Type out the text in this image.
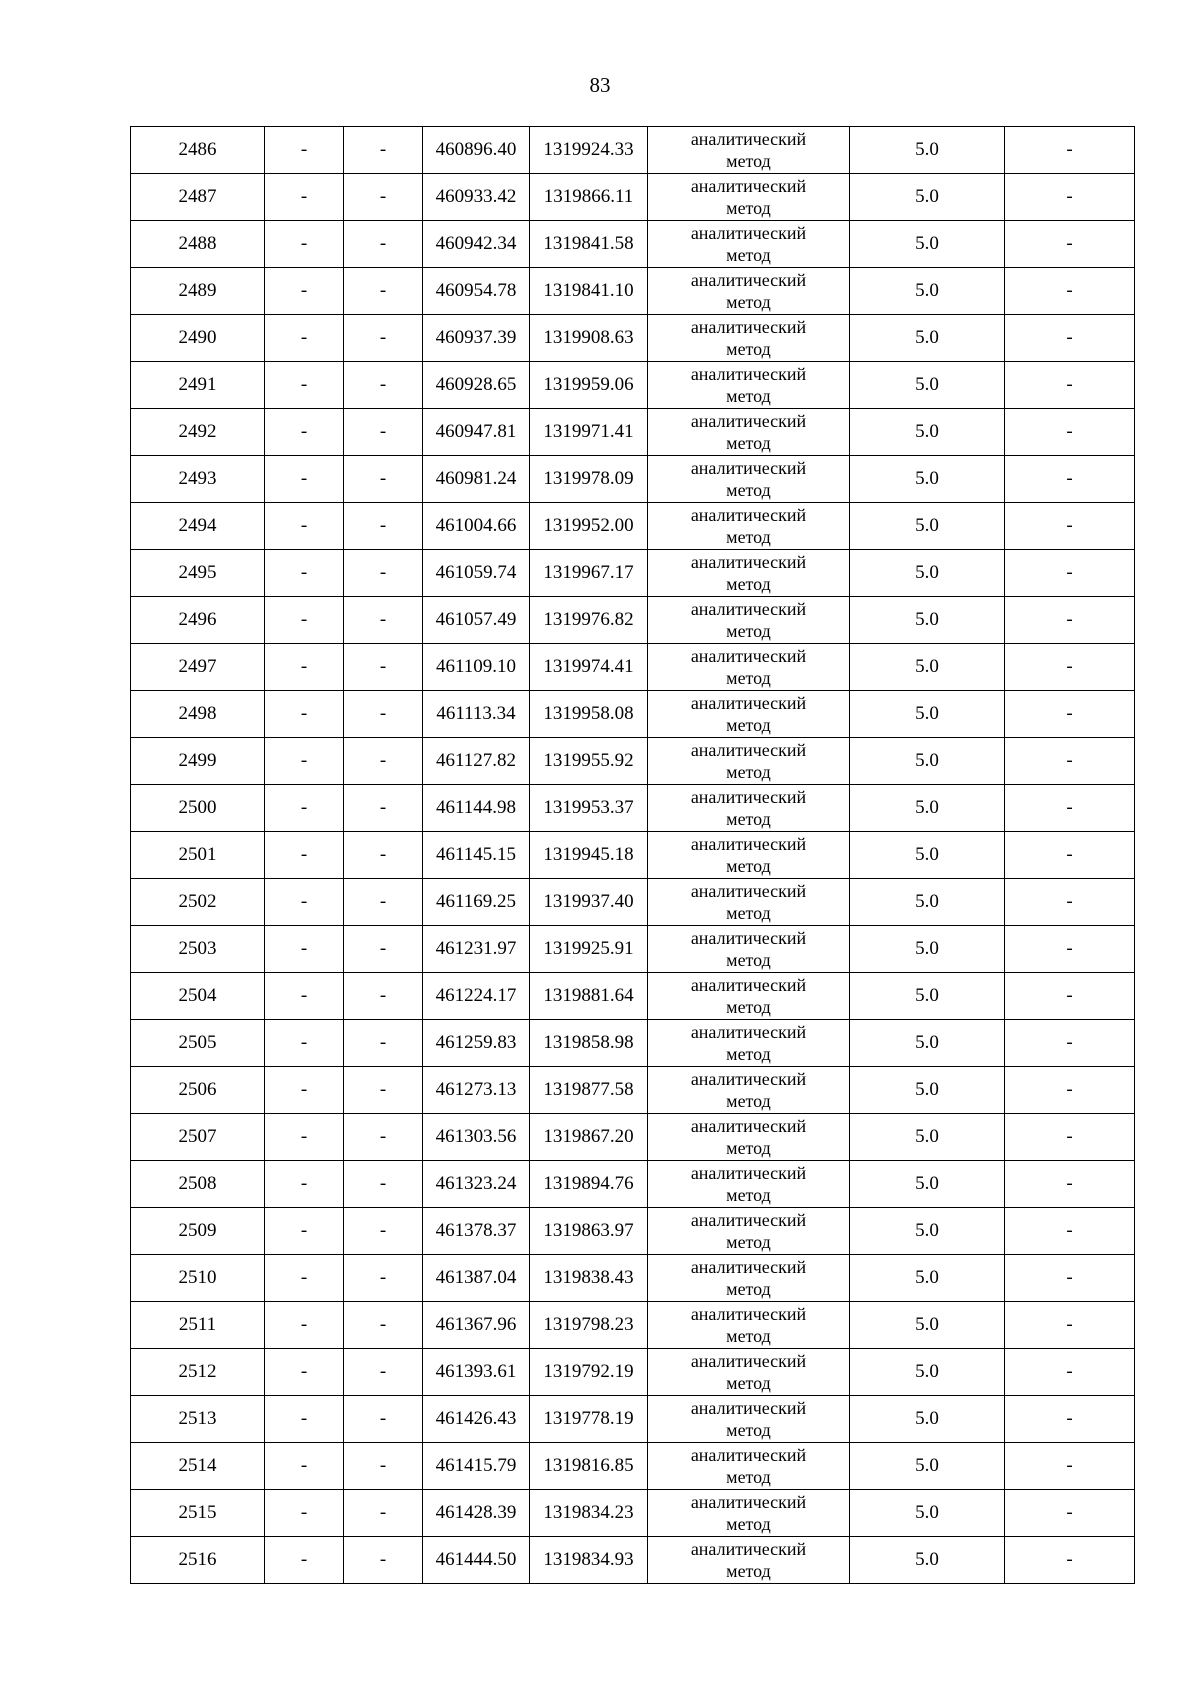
83
2486	-	-	460896.40	1319924.33	аналитический
метод	5.0	-
2487	-	-	460933.42	1319866.11	аналитический
метод	5.0	-
2488	-	-	460942.34	1319841.58	аналитический
метод	5.0	-
2489	-	-	460954.78	1319841.10	аналитический
метод	5.0	-
2490	-	-	460937.39	1319908.63	аналитический
метод	5.0	-
2491	-	-	460928.65	1319959.06	аналитический
метод	5.0	-
2492	-	-	460947.81	1319971.41	аналитический
метод	5.0	-
2493	-	-	460981.24	1319978.09	аналитический
метод	5.0	-
2494	-	-	461004.66	1319952.00	аналитический
метод	5.0	-
2495	-	-	461059.74	1319967.17	аналитический
метод	5.0	-
2496	-	-	461057.49	1319976.82	аналитический
метод	5.0	-
2497	-	-	461109.10	1319974.41	аналитический
метод	5.0	-
2498	-	-	461113.34	1319958.08	аналитический
метод	5.0	-
2499	-	-	461127.82	1319955.92	аналитический
метод	5.0	-
2500	-	-	461144.98	1319953.37	аналитический
метод	5.0	-
2501	-	-	461145.15	1319945.18	аналитический
метод	5.0	-
2502	-	-	461169.25	1319937.40	аналитический
метод	5.0	-
2503	-	-	461231.97	1319925.91	аналитический
метод	5.0	-
2504	-	-	461224.17	1319881.64	аналитический
метод	5.0	-
2505	-	-	461259.83	1319858.98	аналитический
метод	5.0	-
2506	-	-	461273.13	1319877.58	аналитический
метод	5.0	-
2507	-	-	461303.56	1319867.20	аналитический
метод	5.0	-
2508	-	-	461323.24	1319894.76	аналитический
метод	5.0	-
2509	-	-	461378.37	1319863.97	аналитический
метод	5.0	-
2510	-	-	461387.04	1319838.43	аналитический
метод	5.0	-
2511	-	-	461367.96	1319798.23	аналитический
метод	5.0	-
2512	-	-	461393.61	1319792.19	аналитический
метод	5.0	-
2513	-	-	461426.43	1319778.19	аналитический
метод	5.0	-
2514	-	-	461415.79	1319816.85	аналитический
метод	5.0	-
2515	-	-	461428.39	1319834.23	аналитический
метод	5.0	-
2516	-	-	461444.50	1319834.93	аналитический
метод	5.0	-
